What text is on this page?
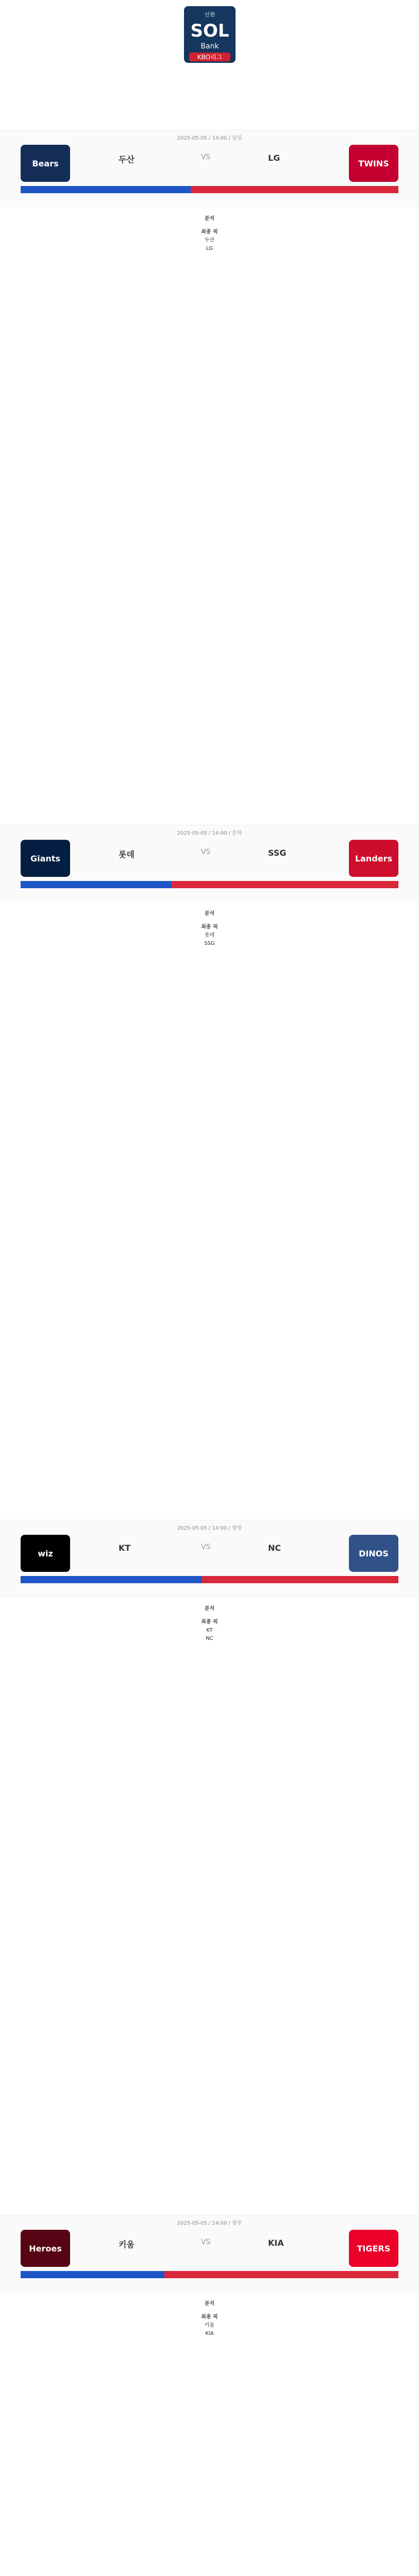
신한
SOL
Bank
KBO리그
2025-05-05 / 14:00 / 잠실
Bears	두산	VS	LG
TWINS
분석
최종 픽
두산
LG
2025-05-05 / 14:00 / 문학
Giants	롯데	VS	SSG
Landers
분석
최종 픽
롯데
SSG
2025-05-05 / 14:00 / 창원
wiz
KT	VS	NC
DINOS
분석
최종 픽
KT
NC
2025-05-05 / 14:00 / 광주
Heroes	키움	VS	KIA
TIGERS
분석
최종 픽
키움
KIA
